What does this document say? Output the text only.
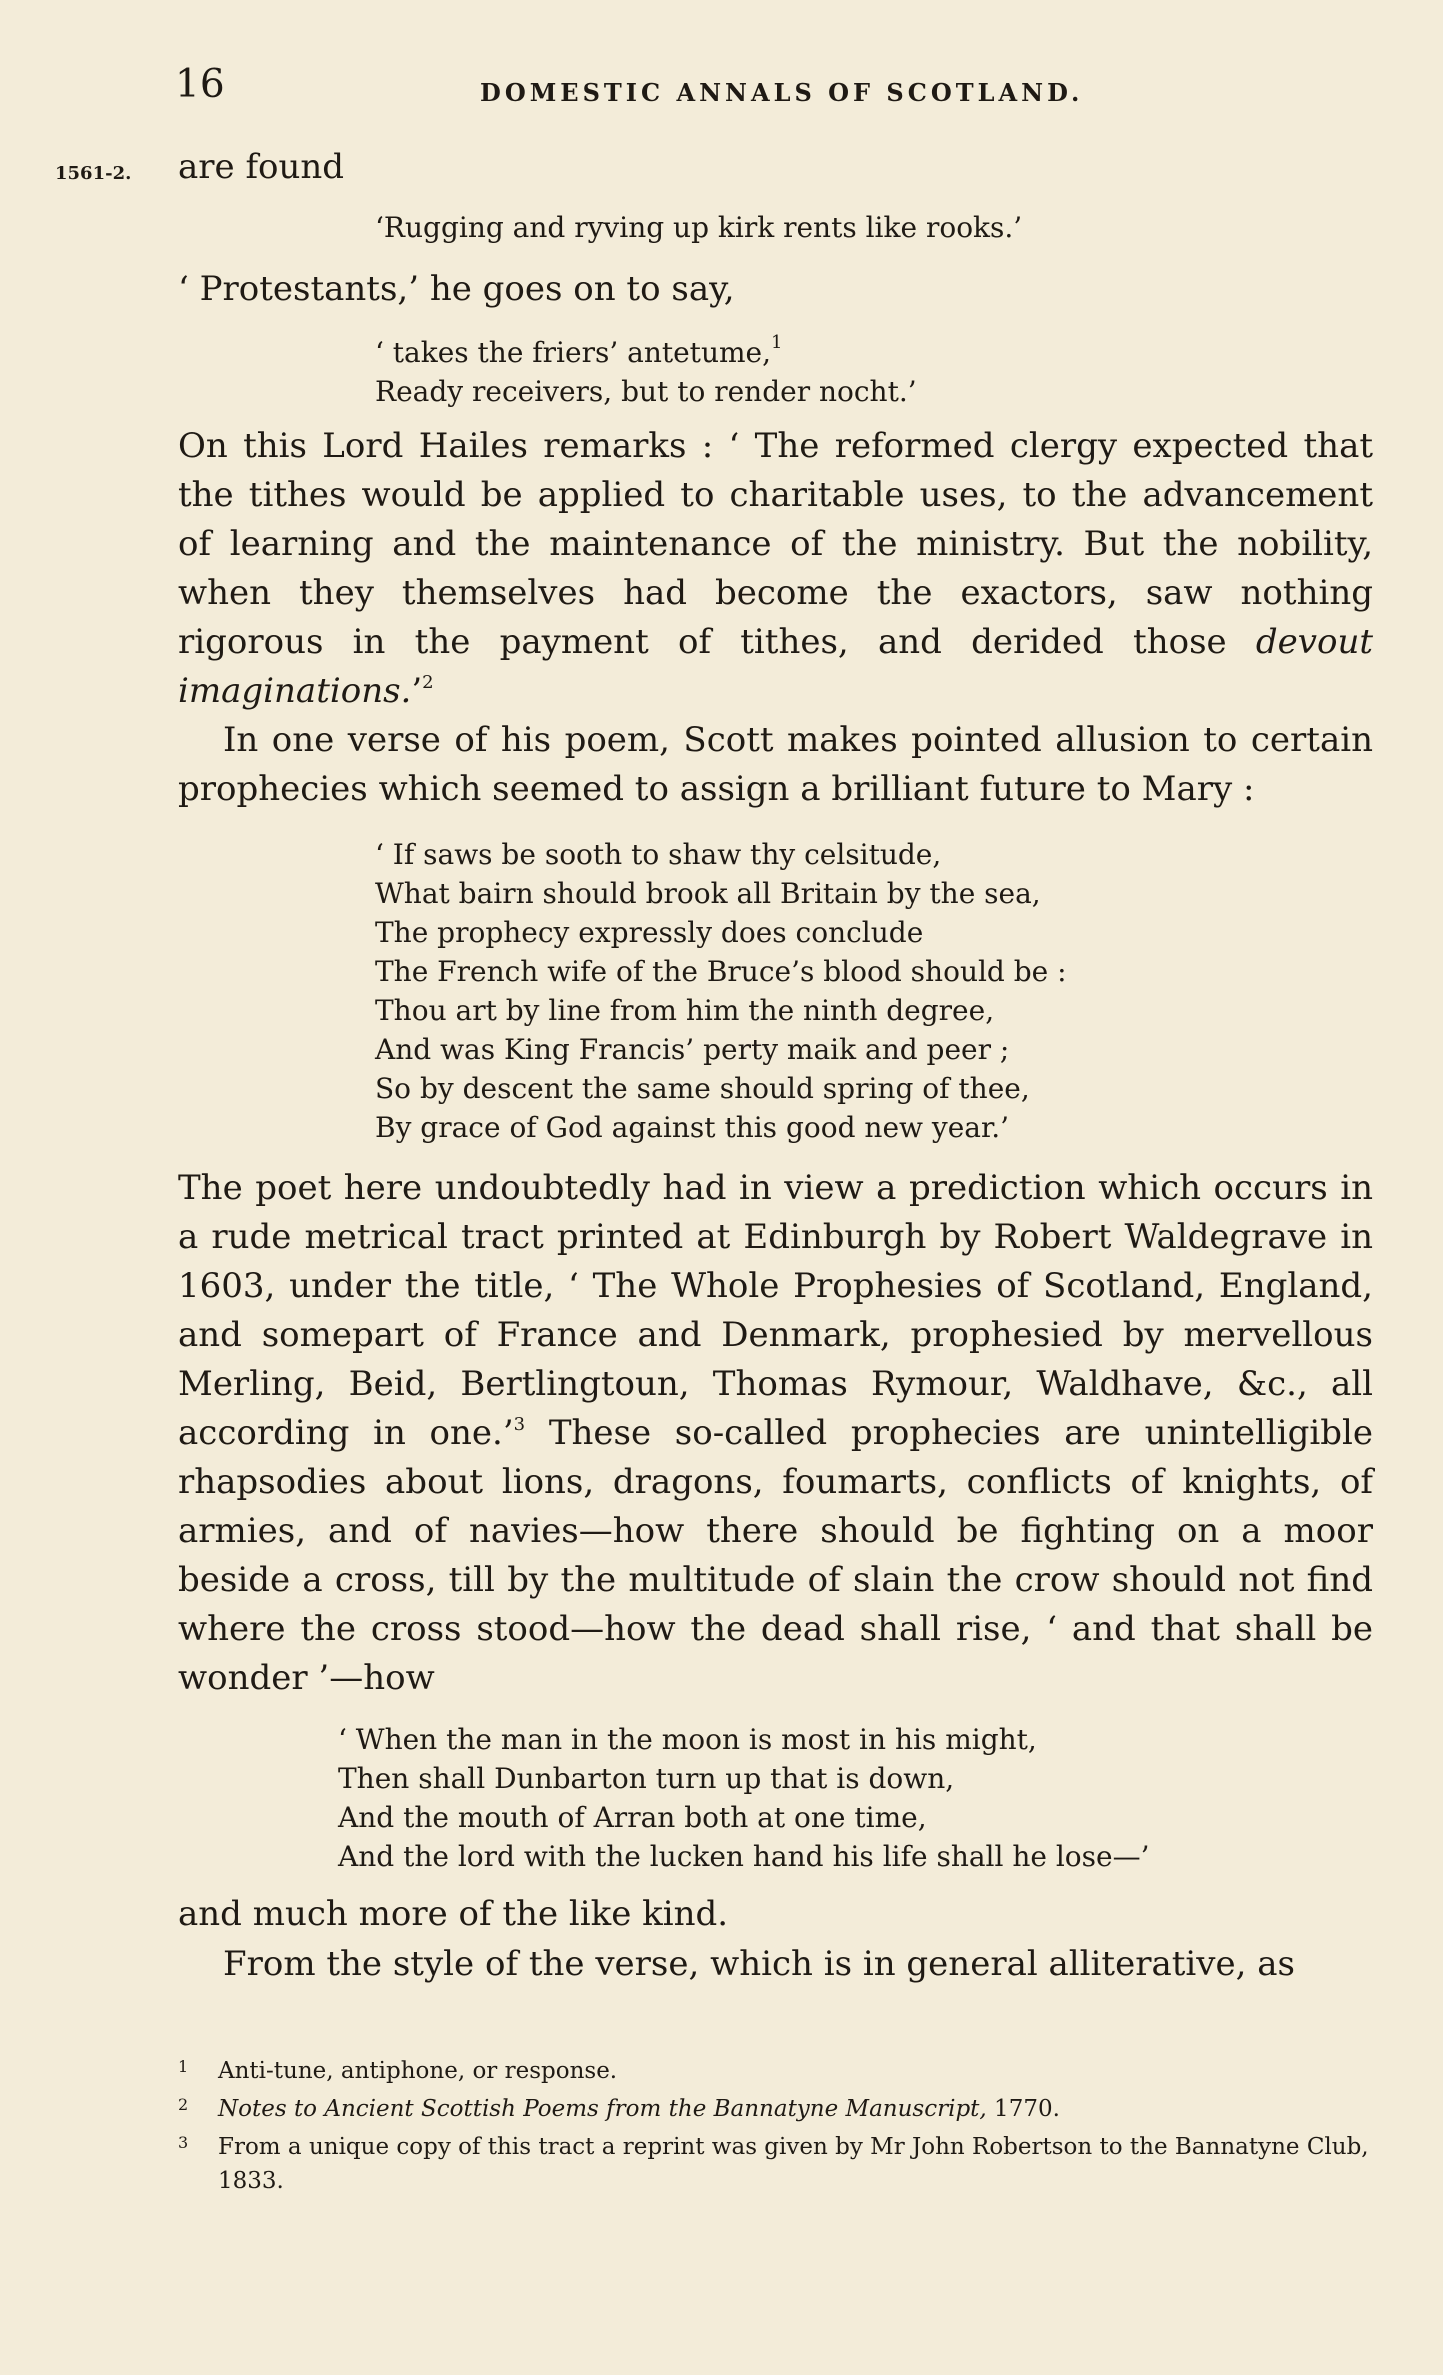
16	DOMESTIC ANNALS OF SCOTLAND.
1561-2. are found

‘Rugging and ryving up kirk rents like rooks.’

‘ Protestants,’ he goes on to say,

‘ takes the friers’ antetume,$^1$
Ready receivers, but to render nocht.’

On this Lord Hailes remarks : ‘ The reformed clergy expected that the tithes would be applied to charitable uses, to the advancement of learning and the maintenance of the ministry. But the nobility, when they themselves had become the exactors, saw nothing rigorous in the payment of tithes, and derided those devout imaginations.’$^2$

In one verse of his poem, Scott makes pointed allusion to certain prophecies which seemed to assign a brilliant future to Mary :

‘ If saws be sooth to shaw thy celsitude,
What bairn should brook all Britain by the sea,
The prophecy expressly does conclude
The French wife of the Bruce’s blood should be :
Thou art by line from him the ninth degree,
And was King Francis’ perty maik and peer ;
So by descent the same should spring of thee,
By grace of God against this good new year.’

The poet here undoubtedly had in view a prediction which occurs in a rude metrical tract printed at Edinburgh by Robert Waldegrave in 1603, under the title, ‘ The Whole Prophesies of Scotland, England, and somepart of France and Denmark, prophesied by mervellous Merling, Beid, Bertlingtoun, Thomas Rymour, Waldhave, &c., all according in one.’$^3$ These so-called prophecies are unintelligible rhapsodies about lions, dragons, foumarts, conflicts of knights, of armies, and of navies—how there should be fighting on a moor beside a cross, till by the multitude of slain the crow should not find where the cross stood—how the dead shall rise, ‘ and that shall be wonder ’—how

‘ When the man in the moon is most in his might,
Then shall Dunbarton turn up that is down,
And the mouth of Arran both at one time,
And the lord with the lucken hand his life shall he lose—’

and much more of the like kind.

From the style of the verse, which is in general alliterative, as

1 Anti-tune, antiphone, or response.

2 Notes to Ancient Scottish Poems from the Bannatyne Manuscript, 1770.

3 From a unique copy of this tract a reprint was given by Mr John Robertson to the Bannatyne Club, 1833.
